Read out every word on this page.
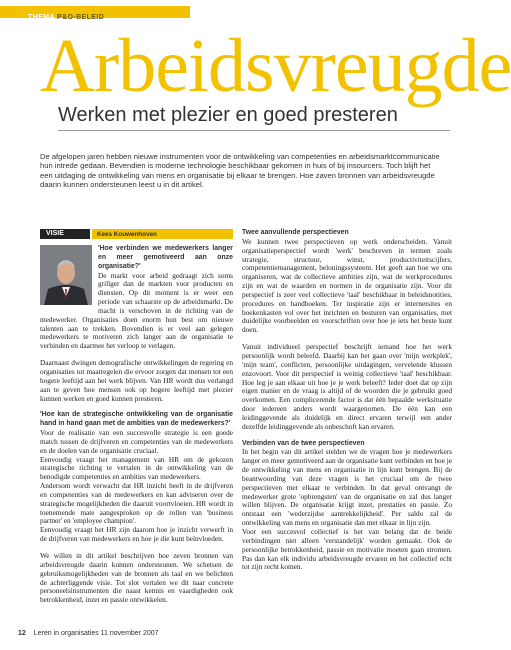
THEMA P&O-BELEID
Arbeidsvreugde
Werken met plezier en goed presteren
De afgelopen jaren hebben nieuwe instrumenten voor de ontwikkeling van competenties en arbeidsmarktcommunicatie hun intrede gedaan. Bevendien is moderne technologie beschikbaar gekomen in huis of bij insourcers. Toch blijft het een uitdaging de ontwikkeling van mens en organisatie bij elkaar te brengen. Hoe zaven bronnen van arbeidsvreugde daarin kunnen ondersteunen leest u in dit artikel.
VISIE	Kees Kouwenhoven
'Hoe verbinden we medewerkers langer en meer gemotiveerd aan onze organisatie?'
De markt voor arbeid gedraagt zich soms grillger dan de markten voor producten en diensten. Op dit moment is er weer een periode van schaarste op de arbeidsmarkt. De macht is verschoven in de richting van de medewerker. Organisaties doen enorm hun best om nieuwe talenten aan te trekken. Bovendien is er veel aan gelegen medewerkers te motiveren zich langer aan de organisatie te verbinden en daarmee het verloop te verlagen.
Daarnaast dwingen demografische ontwikkelingen de regering en organisaties tot maatregelen die ervoor zorgen dat mensen tot een hogere leeftijd aan het werk blijven. Van HR wordt dus verlangd aan te geven hoe mensen ook op hogere leeftijd met plezier kunnen werken en goed kunnen presteren.
'Hoe kan de strategische ontwikkeling van de organisatie hand in hand gaan met de ambities van de medewerkers?'
Voor de realisatie van een succesvolle strategie is een goede match tussen de drijfveren en competenties van de medewerkers en de doelen van de organisatie cruciaal.
Eenvoudig vraagt het management van HR om de gekozen strategische richting te vertalen in de ontwikkeling van de benodigde competenties en ambities van medewerkers.
Andersom wordt verwacht dat HR inzicht heeft in de drijfveren en competenties van de medewerkers en kan adviseren over de strategische mogelijkheden die daaruit voortvloeien. HR wordt in toenemende mate aangesproken op de rollen van 'business partner' en 'employee champion'.
Eenvoudig vraagt het HR zijn daarom hoe je inzicht verwerft in de drijfveren van medewerkers en hoe je die kunt beïnvloeden.
We willen in dit artikel beschrijven hoe zeven bronnen van arbeidsvreugde daarin kunnen ondersteunen. We schetsen de gebruiksmogelijkheden van de bronnen als taal en we belichten de achterliggende visie. Tot slot vertalen we dit naar concrete personeelsinstrumenten die naast kennis en vaardigheden ook betrokkenheid, inzet en passie ontwikkelen.
Twee aanvullende perspectieven
We kunnen twee perspectieven op werk onderscheiden. Vanuit organisatieperspectief wordt 'werk' beschreven in termen zoals strategie, structuur, winst, productiviteitscijfers, competentiemanagement, beloningssysteem. Het geeft aan hoe we ons organiseren, wat de collectieve ambities zijn, wat de werkprocedures zijn en wat de waarden en normen in de organisatie zijn. Voor dit perspectief is zeer veel collectieve 'taal' beschikbaar in beleidsnotities, procedures en handboeken. Ter inspiratie zijn er internetsites en boekenkasten vol over het inrichten en besturen van organisaties, met duidelijke voorbeelden en voorschriften over hoe je iets het beste kunt doen.
Vanuit individueel perspectief beschrijft iemand hoe het werk persoonlijk wordt beleefd. Daarbij kan het gaan over 'mijn werkplek', 'mijn team', conflicten, persoonlijke uitdagingen, vervelende klussen enzovoort. Voor dit perspectief is weinig collectieve 'taal' beschikbaar. Hoe leg je aan elkaar uit hoe je je werk beleeft? Ieder doet dat op zijn eigen manier en de vraag is altijd of de woorden die je gebruikt goed overkomen. Een complicerende factor is dat één bepaalde werksituatie door iedereen anders wordt waargenomen. De één kan een leidinggevende als duidelijk en direct ervaren terwijl een ander dezelfde leidinggevende als onbeschoft kan ervaren.
Verbinden van de twee perspectieven
In het begin van dit artikel stelden we de vragen hoe je medewerkers langer en meer gemotiveerd aan de organisatie kunt verbinden en hoe je de ontwikkeling van mens en organisatie in lijn kunt brengen. Bij de beantwoording van deze vragen is het cruciaal om de twee perspectieven met elkaar te verbinden. In dat geval ontvangt de medewerker grote 'opbrengsten' van de organisatie en zal dus langer willen blijven. De organisatie krijgt inzet, prestaties en passie. Zo ontstaat een 'wederzijdse aantrekkelijkheid'. Per saldo zal de ontwikkeling van mens en organisatie dan met elkaar in lijn zijn.
Voor een succesvol collectief is het van belang dat de beide verbindingen niet alleen 'verstandelijk' worden gemaakt. Ook de persoonlijke betrokkenheid, passie en motivatie moeten gaan stromen. Pas dan kan elk individu arbeidsvreugde ervaren en het collectief echt tot zijn recht komen.
12 Leren in organisaties 11 november 2007
